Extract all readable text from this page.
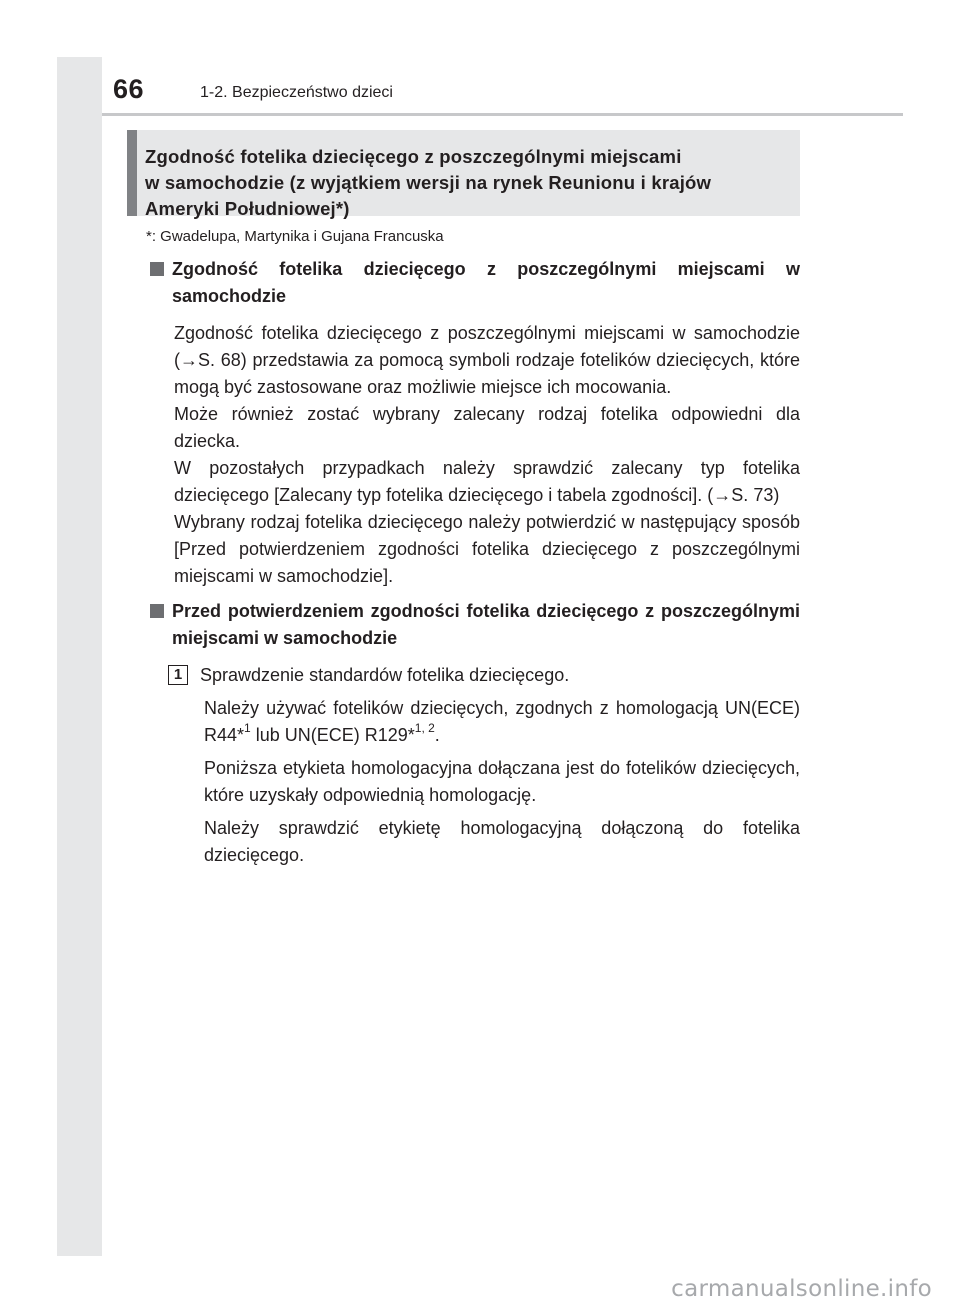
66	1-2. Bezpieczeństwo dzieci
Zgodność fotelika dziecięcego z poszczególnymi miejscami
w samochodzie (z wyjątkiem wersji na rynek Reunionu i krajów
Ameryki Południowej*)
*: Gwadelupa, Martynika i Gujana Francuska
Zgodność fotelika dziecięcego z poszczególnymi miejscami w samochodzie
Zgodność fotelika dziecięcego z poszczególnymi miejscami w samochodzie (→S. 68) przedstawia za pomocą symboli rodzaje fotelików dziecięcych, które mogą być zastosowane oraz możliwie miejsce ich mocowania.
Może również zostać wybrany zalecany rodzaj fotelika odpowiedni dla dziecka.
W pozostałych przypadkach należy sprawdzić zalecany typ fotelika dziecięcego [Zalecany typ fotelika dziecięcego i tabela zgodności]. (→S. 73)
Wybrany rodzaj fotelika dziecięcego należy potwierdzić w następujący sposób [Przed potwierdzeniem zgodności fotelika dziecięcego z poszczególnymi miejscami w samochodzie].
Przed potwierdzeniem zgodności fotelika dziecięcego z poszczególnymi miejscami w samochodzie
1 Sprawdzenie standardów fotelika dziecięcego.
Należy używać fotelików dziecięcych, zgodnych z homologacją UN(ECE) R44*$^1$ lub UN(ECE) R129*$^{1, 2}$.
Poniższa etykieta homologacyjna dołączana jest do fotelików dziecięcych, które uzyskały odpowiednią homologację.
Należy sprawdzić etykietę homologacyjną dołączoną do fotelika dziecięcego.
carmanualsonline.info
